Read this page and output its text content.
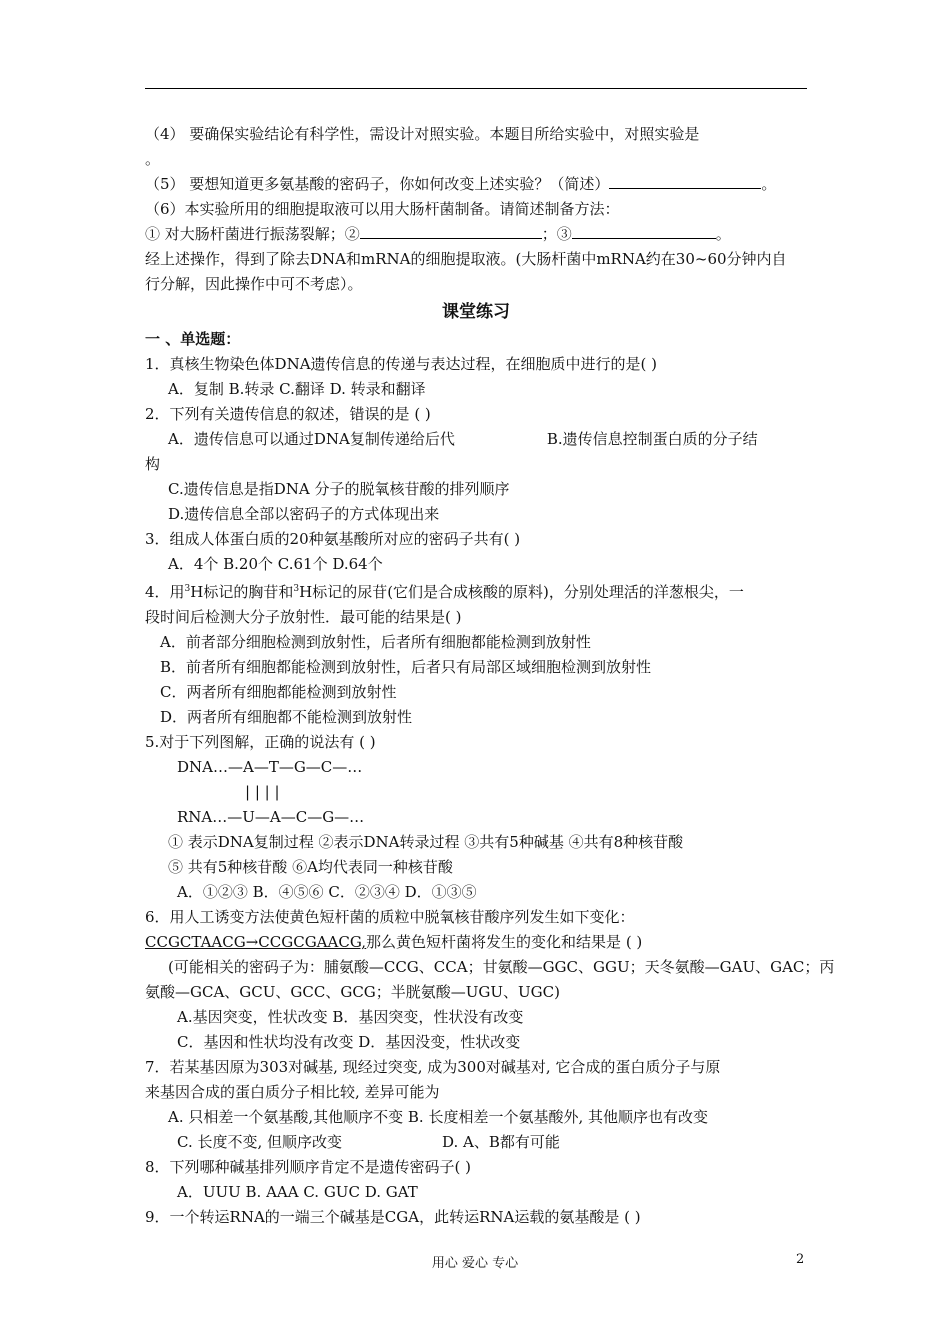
（4） 要确保实验结论有科学性，需设计对照实验。本题目所给实验中，对照实验是
。
（5） 要想知道更多氨基酸的密码子，你如何改变上述实验？（简述）	。
（6）本实验所用的细胞提取液可以用大肠杆菌制备。请简述制备方法：
① 对大肠杆菌进行振荡裂解；②	；③	。
经上述操作，得到了除去DNA和mRNA的细胞提取液。(大肠杆菌中mRNA约在30~60分钟内自
行分解，因此操作中可不考虑）。
课堂练习
一 、单选题：
1．真核生物染色体DNA遗传信息的传递与表达过程，在细胞质中进行的是( )
A．复制 B.转录 C.翻译 D. 转录和翻译
2．下列有关遗传信息的叙述，错误的是 ( )
A．遗传信息可以通过DNA复制传递给后代	B.遗传信息控制蛋白质的分子结
构
C.遗传信息是指DNA 分子的脱氧核苷酸的排列顺序
D.遗传信息全部以密码子的方式体现出来
3．组成人体蛋白质的20种氨基酸所对应的密码子共有( )
A．4个 B.20个 C.61个 D.64个
4．用$^3$H标记的胸苷和$^3$H标记的尿苷(它们是合成核酸的原料)，分别处理活的洋葱根尖，一
段时间后检测大分子放射性．最可能的结果是( )
A．前者部分细胞检测到放射性，后者所有细胞都能检测到放射性
B．前者所有细胞都能检测到放射性，后者只有局部区域细胞检测到放射性
C．两者所有细胞都能检测到放射性
D．两者所有细胞都不能检测到放射性
5.对于下列图解，正确的说法有 ( )
DNA…—A—T—G—C—…
| | | |
RNA…—U—A—C—G—…
① 表示DNA复制过程 ②表示DNA转录过程 ③共有5种碱基 ④共有8种核苷酸
⑤ 共有5种核苷酸 ⑥A均代表同一种核苷酸
A．①②③ B．④⑤⑥ C．②③④ D．①③⑤
6．用人工诱变方法使黄色短杆菌的质粒中脱氧核苷酸序列发生如下变化：
CCGCTAACG→CCGCGAACG,那么黄色短杆菌将发生的变化和结果是 ( )
(可能相关的密码子为：脯氨酸—CCG、CCA；甘氨酸—GGC、GGU；天冬氨酸—GAU、GAC；丙
氨酸—GCA、GCU、GCC、GCG；半胱氨酸—UGU、UGC)
A.基因突变，性状改变 B．基因突变，性状没有改变
C．基因和性状均没有改变 D．基因没变，性状改变
7．若某基因原为303对碱基, 现经过突变, 成为300对碱基对, 它合成的蛋白质分子与原
来基因合成的蛋白质分子相比较, 差异可能为
A. 只相差一个氨基酸,其他顺序不变 B. 长度相差一个氨基酸外, 其他顺序也有改变
C. 长度不变, 但顺序改变	D. A、B都有可能
8．下列哪种碱基排列顺序肯定不是遗传密码子( )
A．UUU B. AAA C. GUC D. GAT
9．一个转运RNA的一端三个碱基是CGA，此转运RNA运载的氨基酸是 ( )
用心 爱心 专心	2
